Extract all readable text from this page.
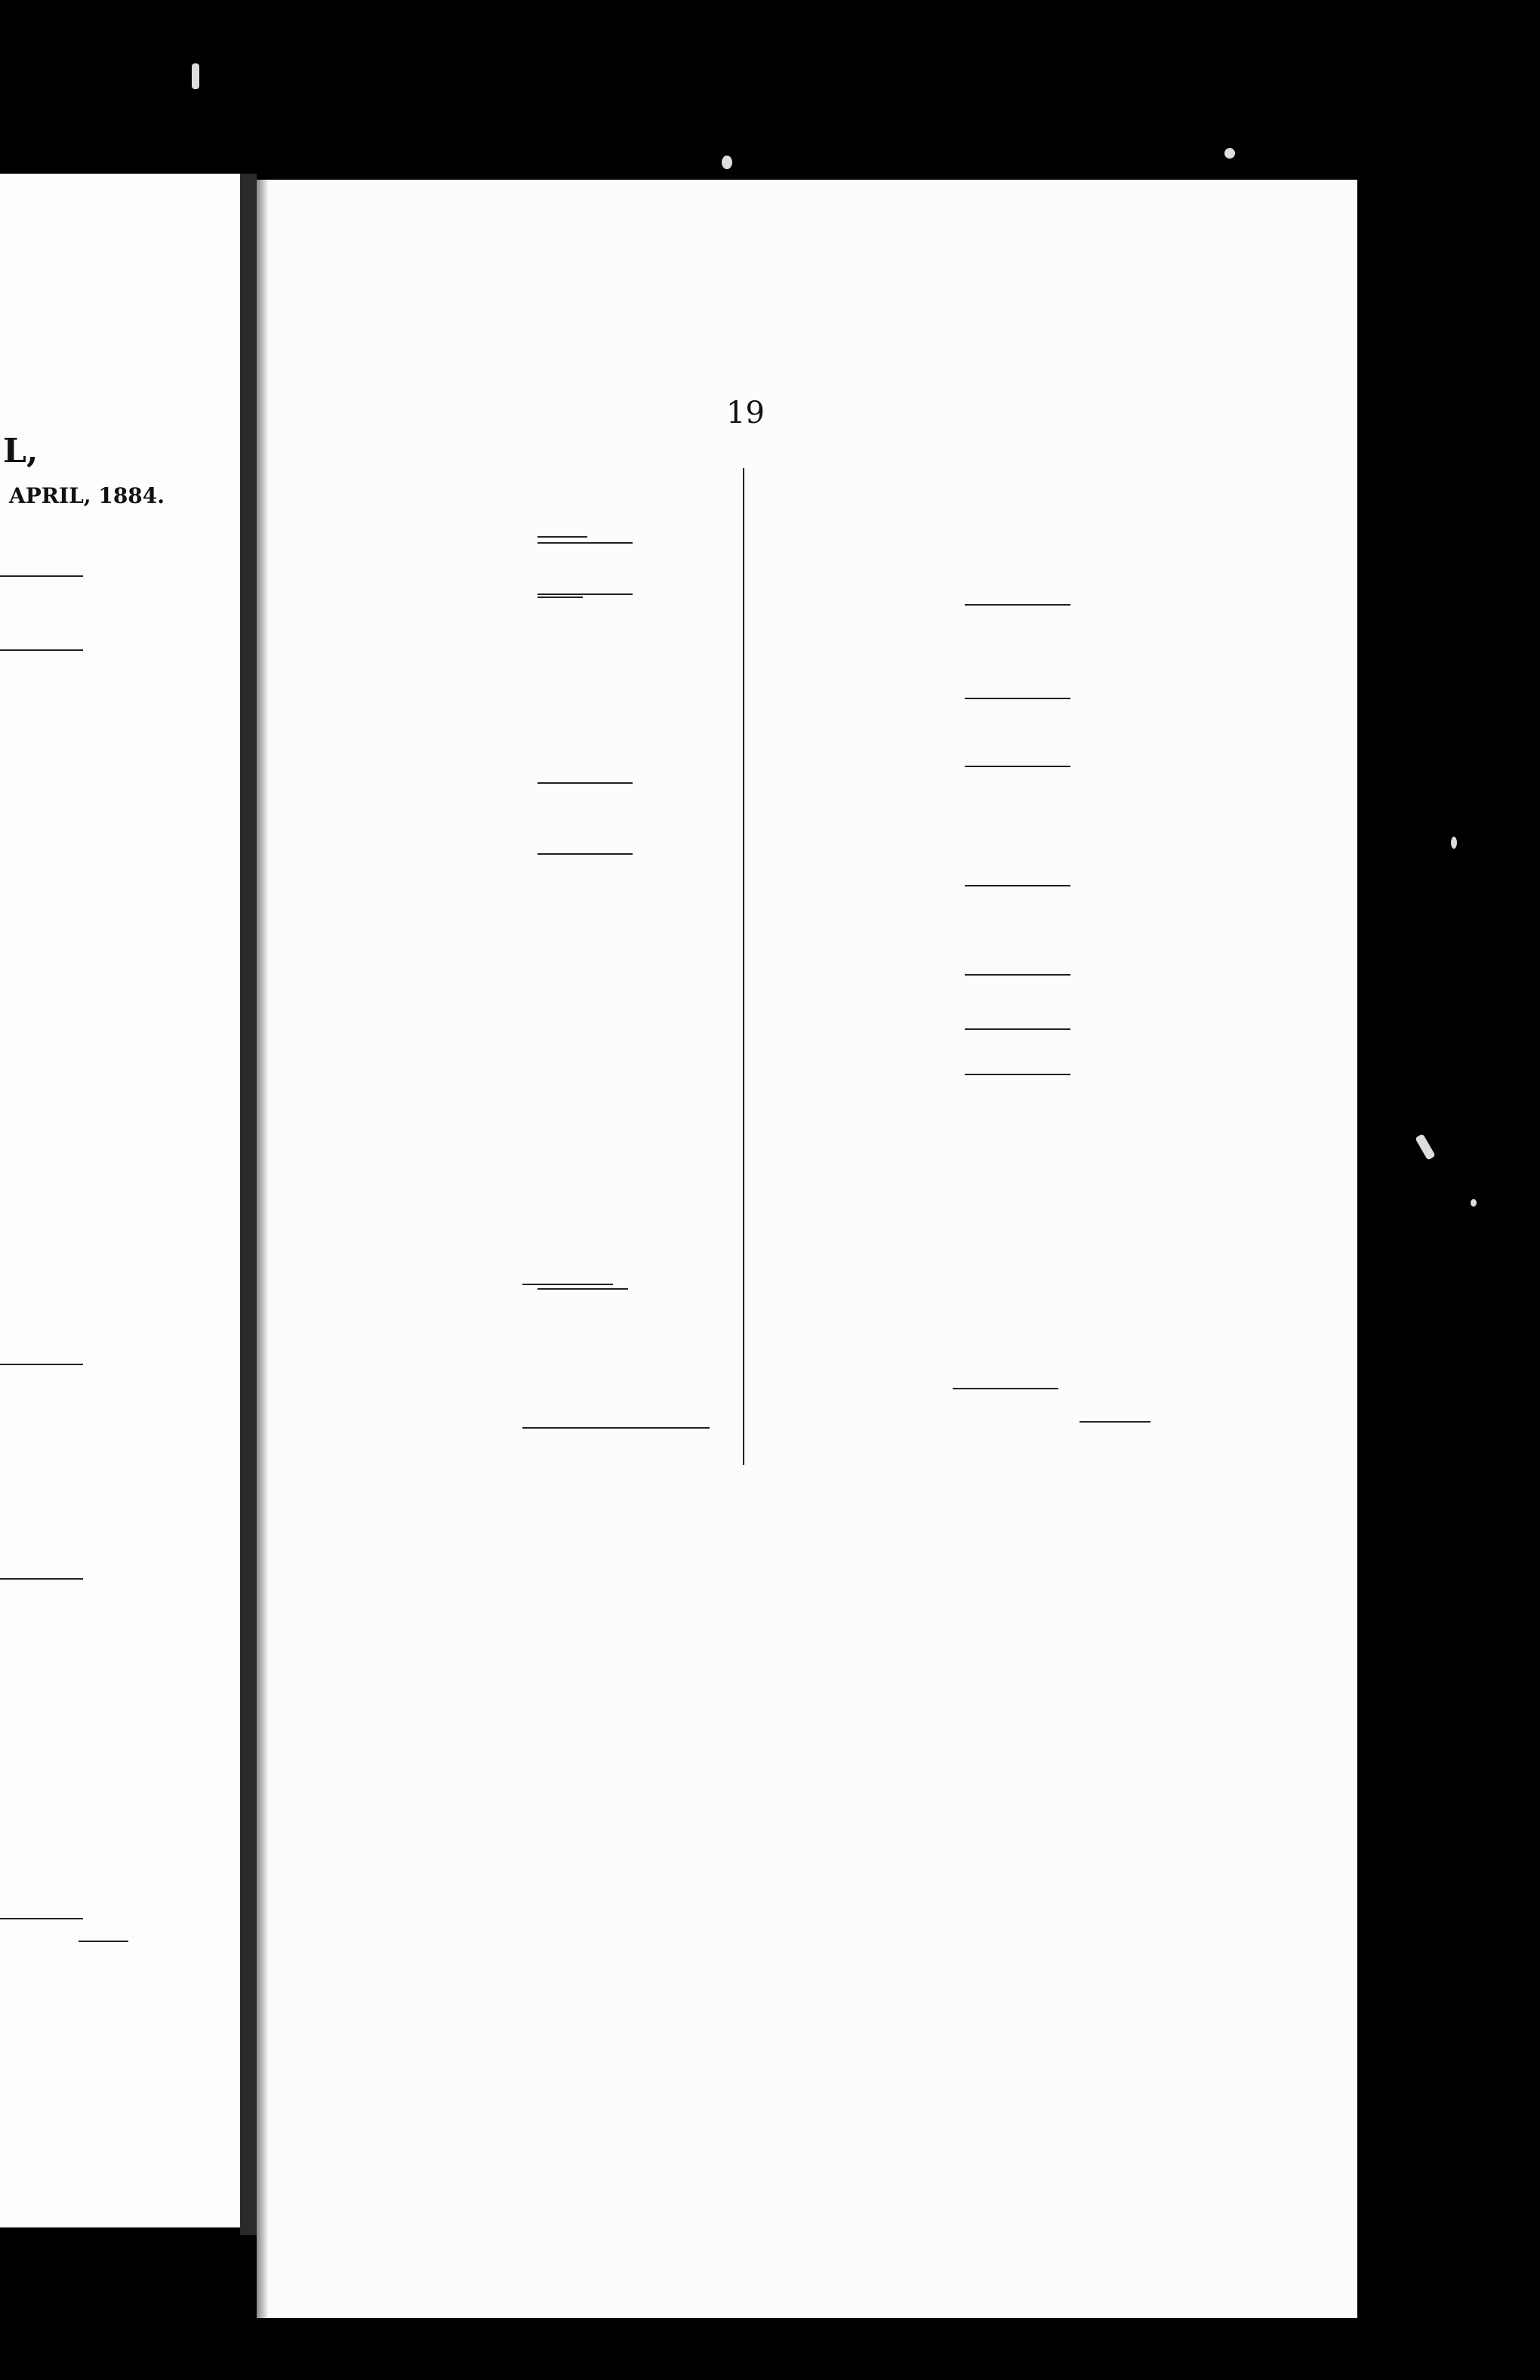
19
L,
APRIL, 1884.
